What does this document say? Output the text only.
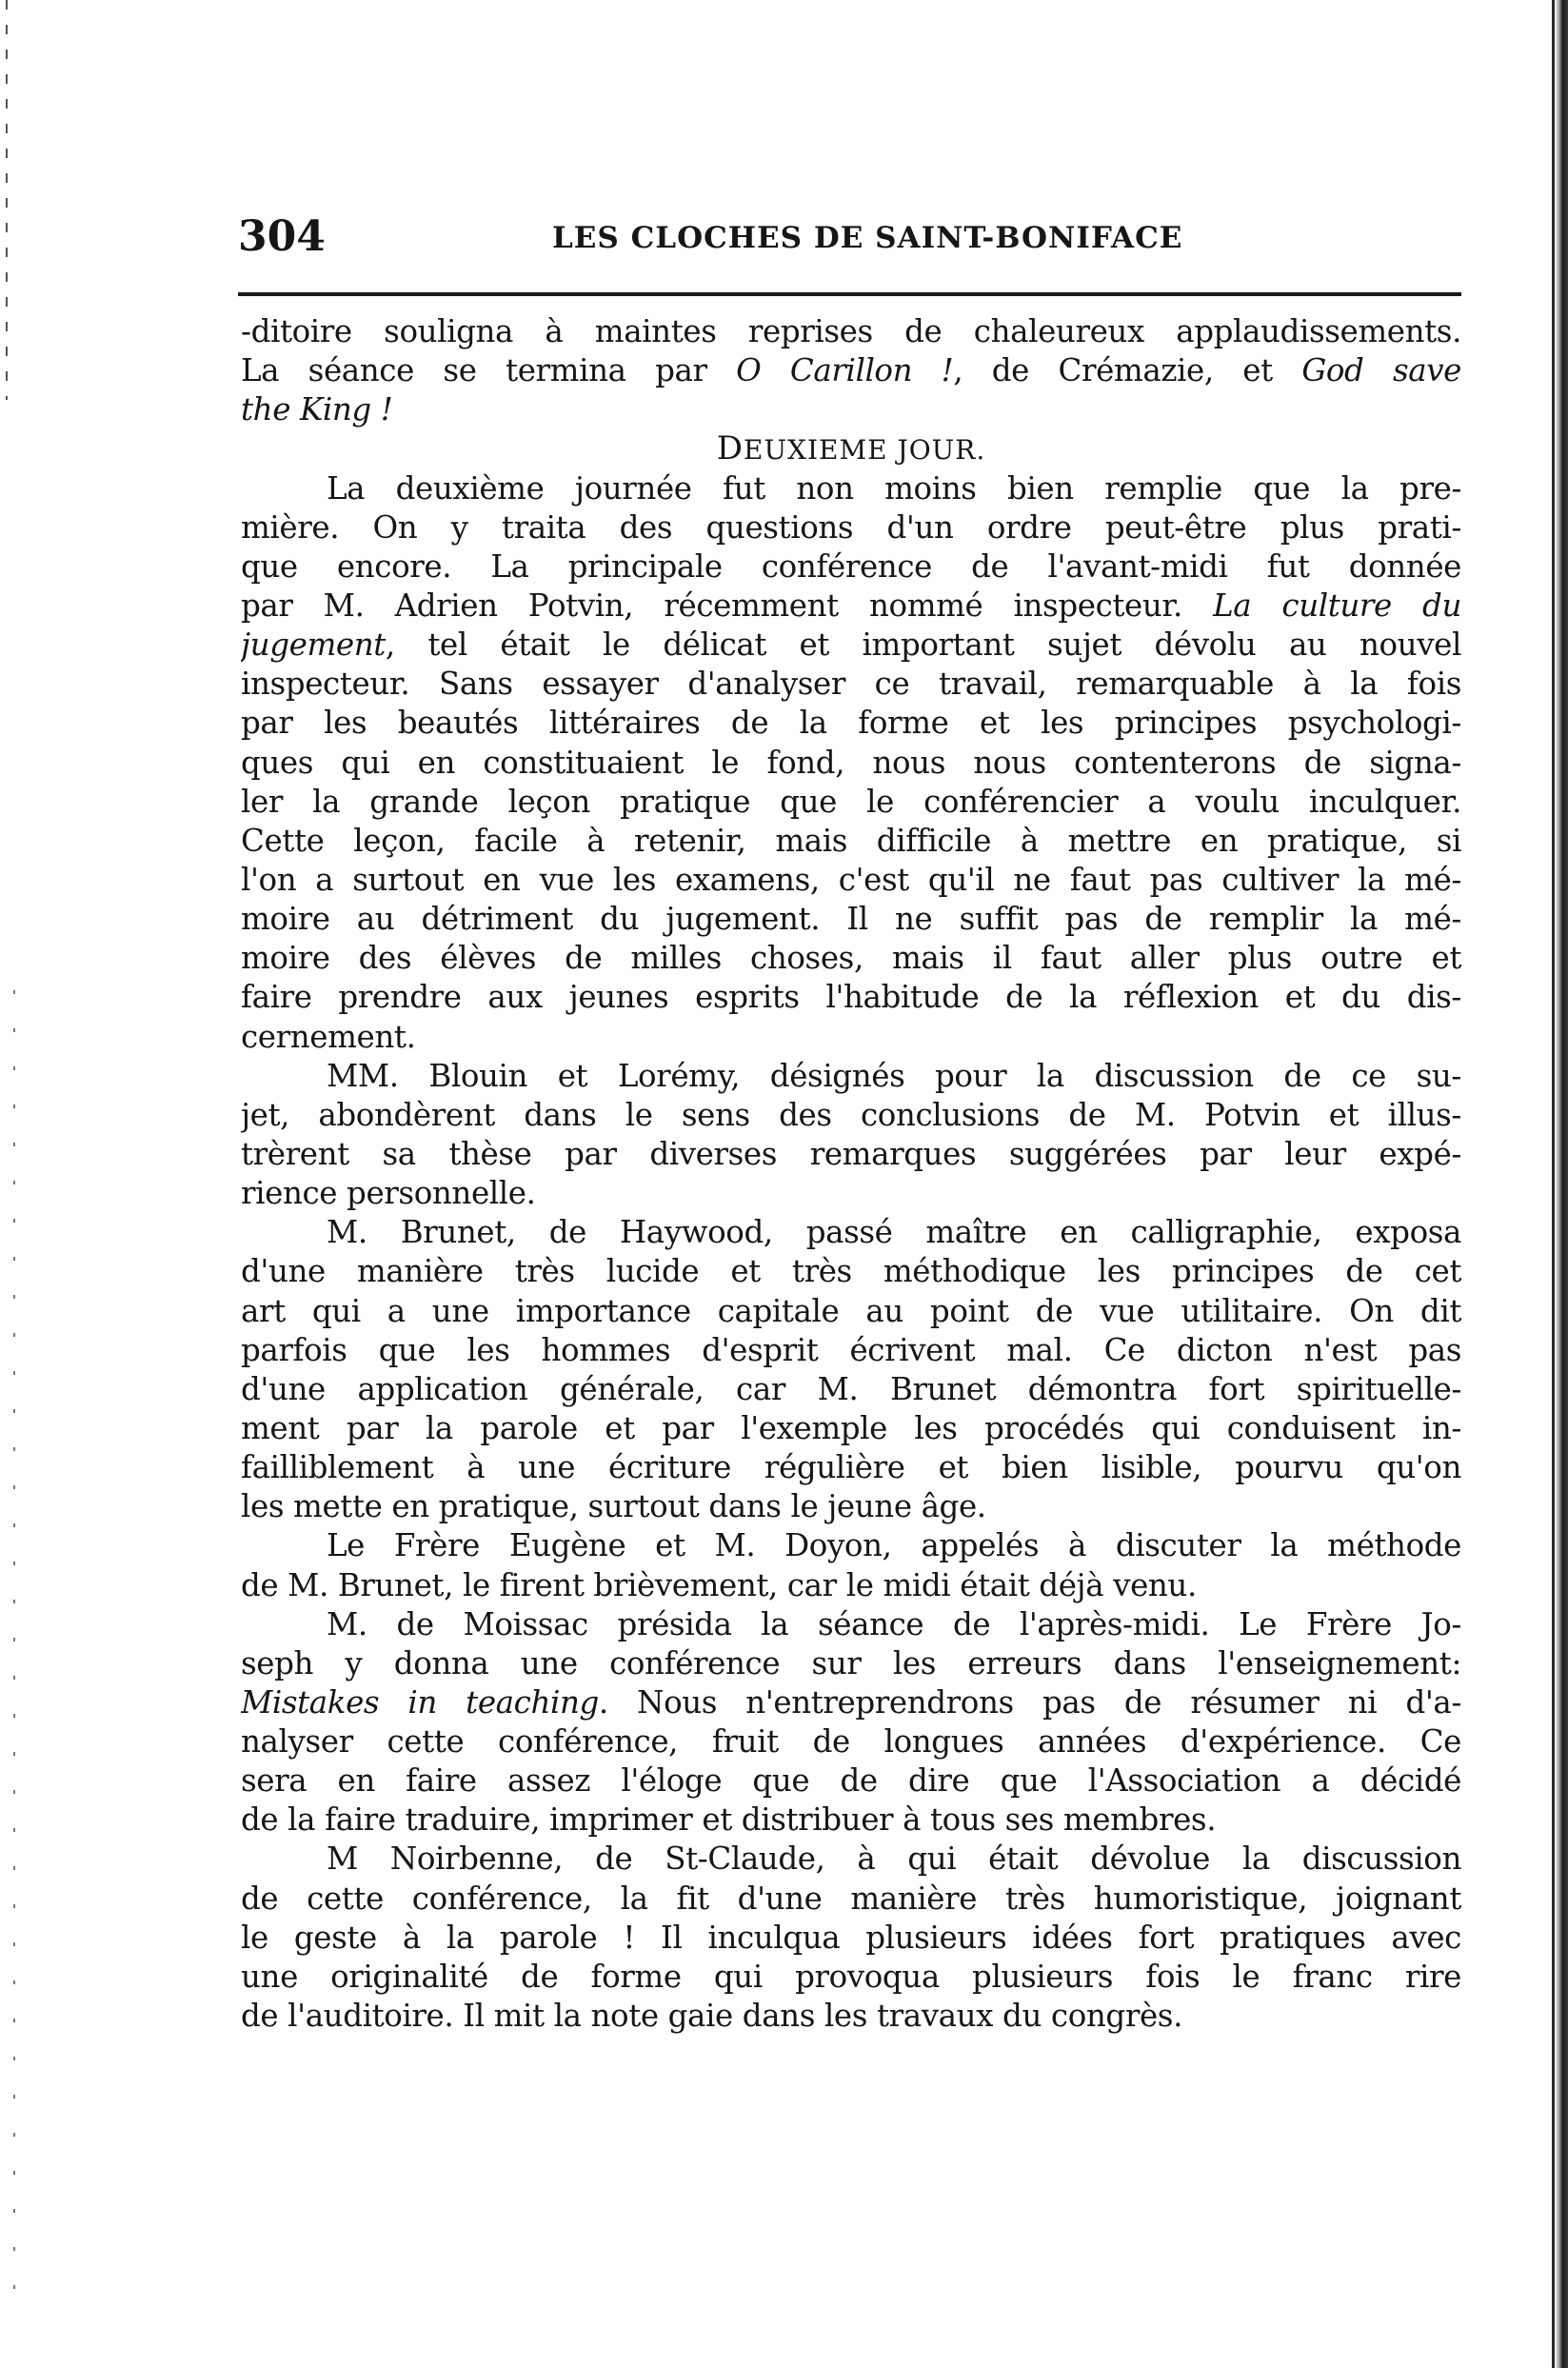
304	LES CLOCHES DE SAINT-BONIFACE
-ditoire souligna à maintes reprises de chaleureux applaudissements.
La séance se termina par O Carillon !, de Crémazie, et God save
the King !
DEUXIEME JOUR.
La deuxième journée fut non moins bien remplie que la pre-
mière. On y traita des questions d'un ordre peut-être plus prati-
que encore. La principale conférence de l'avant-midi fut donnée
par M. Adrien Potvin, récemment nommé inspecteur. La culture du
jugement, tel était le délicat et important sujet dévolu au nouvel
inspecteur. Sans essayer d'analyser ce travail, remarquable à la fois
par les beautés littéraires de la forme et les principes psychologi-
ques qui en constituaient le fond, nous nous contenterons de signa-
ler la grande leçon pratique que le conférencier a voulu inculquer.
Cette leçon, facile à retenir, mais difficile à mettre en pratique, si
l'on a surtout en vue les examens, c'est qu'il ne faut pas cultiver la mé-
moire au détriment du jugement. Il ne suffit pas de remplir la mé-
moire des élèves de milles choses, mais il faut aller plus outre et
faire prendre aux jeunes esprits l'habitude de la réflexion et du dis-
cernement.
MM. Blouin et Lorémy, désignés pour la discussion de ce su-
jet, abondèrent dans le sens des conclusions de M. Potvin et illus-
trèrent sa thèse par diverses remarques suggérées par leur expé-
rience personnelle.
M. Brunet, de Haywood, passé maître en calligraphie, exposa
d'une manière très lucide et très méthodique les principes de cet
art qui a une importance capitale au point de vue utilitaire. On dit
parfois que les hommes d'esprit écrivent mal. Ce dicton n'est pas
d'une application générale, car M. Brunet démontra fort spirituelle-
ment par la parole et par l'exemple les procédés qui conduisent in-
failliblement à une écriture régulière et bien lisible, pourvu qu'on
les mette en pratique, surtout dans le jeune âge.
Le Frère Eugène et M. Doyon, appelés à discuter la méthode
de M. Brunet, le firent brièvement, car le midi était déjà venu.
M. de Moissac présida la séance de l'après-midi. Le Frère Jo-
seph y donna une conférence sur les erreurs dans l'enseignement:
Mistakes in teaching. Nous n'entreprendrons pas de résumer ni d'a-
nalyser cette conférence, fruit de longues années d'expérience. Ce
sera en faire assez l'éloge que de dire que l'Association a décidé
de la faire traduire, imprimer et distribuer à tous ses membres.
M Noirbenne, de St-Claude, à qui était dévolue la discussion
de cette conférence, la fit d'une manière très humoristique, joignant
le geste à la parole ! Il inculqua plusieurs idées fort pratiques avec
une originalité de forme qui provoqua plusieurs fois le franc rire
de l'auditoire. Il mit la note gaie dans les travaux du congrès.
